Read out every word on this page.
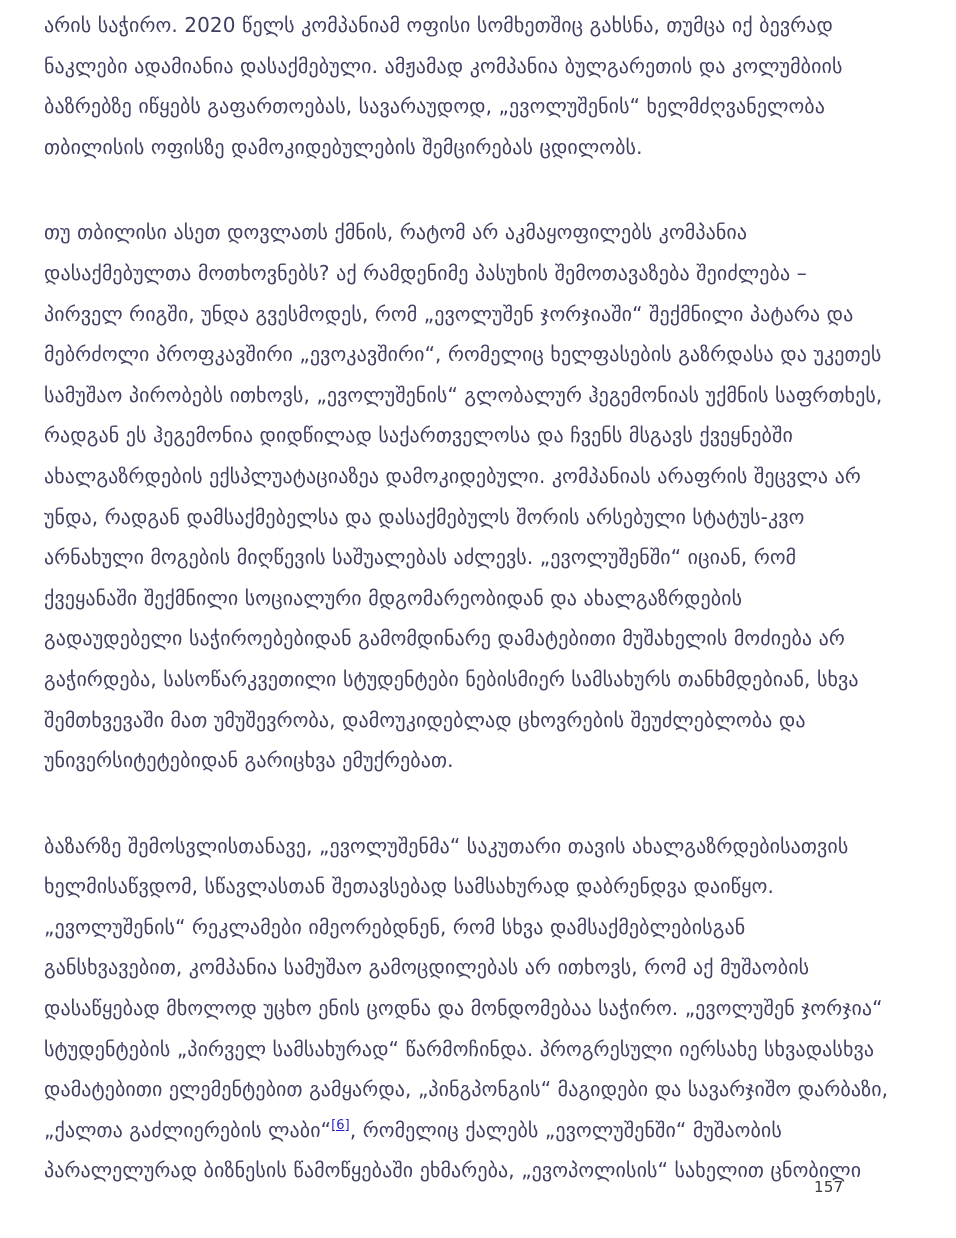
არის საჭირო. 2020 წელს კომპანიამ ოფისი სომხეთშიც გახსნა, თუმცა იქ ბევრად
ნაკლები ადამიანია დასაქმებული. ამჟამად კომპანია ბულგარეთის და კოლუმბიის
ბაზრებზე იწყებს გაფართოებას, სავარაუდოდ, „ევოლუშენის“ ხელმძღვანელობა
თბილისის ოფისზე დამოკიდებულების შემცირებას ცდილობს.

თუ თბილისი ასეთ დოვლათს ქმნის, რატომ არ აკმაყოფილებს კომპანია
დასაქმებულთა მოთხოვნებს? აქ რამდენიმე პასუხის შემოთავაზება შეიძლება –
პირველ რიგში, უნდა გვესმოდეს, რომ „ევოლუშენ ჯორჯიაში“ შექმნილი პატარა და
მებრძოლი პროფკავშირი „ევოკავშირი“, რომელიც ხელფასების გაზრდასა და უკეთეს
სამუშაო პირობებს ითხოვს, „ევოლუშენის“ გლობალურ ჰეგემონიას უქმნის საფრთხეს,
რადგან ეს ჰეგემონია დიდწილად საქართველოსა და ჩვენს მსგავს ქვეყნებში
ახალგაზრდების ექსპლუატაციაზეა დამოკიდებული. კომპანიას არაფრის შეცვლა არ
უნდა, რადგან დამსაქმებელსა და დასაქმებულს შორის არსებული სტატუს-კვო
არნახული მოგების მიღწევის საშუალებას აძლევს. „ევოლუშენში“ იციან, რომ
ქვეყანაში შექმნილი სოციალური მდგომარეობიდან და ახალგაზრდების
გადაუდებელი საჭიროებებიდან გამომდინარე დამატებითი მუშახელის მოძიება არ
გაჭირდება, სასოწარკვეთილი სტუდენტები ნებისმიერ სამსახურს თანხმდებიან, სხვა
შემთხვევაში მათ უმუშევრობა, დამოუკიდებლად ცხოვრების შეუძლებლობა და
უნივერსიტეტებიდან გარიცხვა ემუქრებათ.

ბაზარზე შემოსვლისთანავე, „ევოლუშენმა“ საკუთარი თავის ახალგაზრდებისათვის
ხელმისაწვდომ, სწავლასთან შეთავსებად სამსახურად დაბრენდვა დაიწყო.
„ევოლუშენის“ რეკლამები იმეორებდნენ, რომ სხვა დამსაქმებლებისგან
განსხვავებით, კომპანია სამუშაო გამოცდილებას არ ითხოვს, რომ აქ მუშაობის
დასაწყებად მხოლოდ უცხო ენის ცოდნა და მონდომებაა საჭირო. „ევოლუშენ ჯორჯია“
სტუდენტების „პირველ სამსახურად“ წარმოჩინდა. პროგრესული იერსახე სხვადასხვა
დამატებითი ელემენტებით გამყარდა, „პინგპონგის“ მაგიდები და სავარჯიშო დარბაზი,
„ქალთა გაძლიერების ლაბი“[6], რომელიც ქალებს „ევოლუშენში“ მუშაობის
პარალელურად ბიზნესის წამოწყებაში ეხმარება, „ევოპოლისის“ სახელით ცნობილი

157
